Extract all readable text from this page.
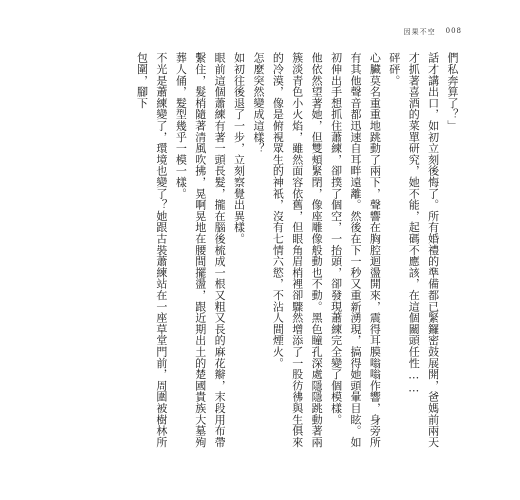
因果不空 008

們私奔算了？」

話才講出口，如初立刻後悔了。所有婚禮的準備都已緊鑼密鼓展開，爸媽前兩天才抓著喜酒的菜單研究，她不能，起碼不應該，在這個關頭任性……

砰砰。

心臟莫名重重地跳動了兩下，聲響在胸腔迴盪開來，震得耳膜嗡嗡作響，身旁所有其他聲音都迅速自耳畔遠離。然後在下一秒又重新湧現，搞得她頭暈目眩。如初伸出手想抓住蕭練，卻撲了個空，一抬頭，卻發現蕭練完全變了個模樣。

他依然望著她，但雙頰緊閉，像座雕像般動也不動。黑色瞳孔深處隱隱跳動著兩簇淡青色小火焰，雖然面容依舊，但眼角眉梢裡卻驟然增添了一股彷彿與生俱來的冷漠，像是俯視眾生的神祇，沒有七情六慾，不沾人間煙火。

怎麼突然變成這樣？

如初往後退了一步，立刻察覺出異樣。

眼前這個蕭練有著一頭長髮，攏在腦後梳成一根又粗又長的麻花辮，末段用布帶繫住，髮梢隨著清風吹拂，晃啊晃地在腰間擺盪，跟近期出土的楚國貴族大墓殉葬人俑，髮型幾乎一模一樣。

不光是蕭練變了，環境也變了？她跟古裝蕭練站在一座草堂門前，周圍被樹林所包圍，腳下
